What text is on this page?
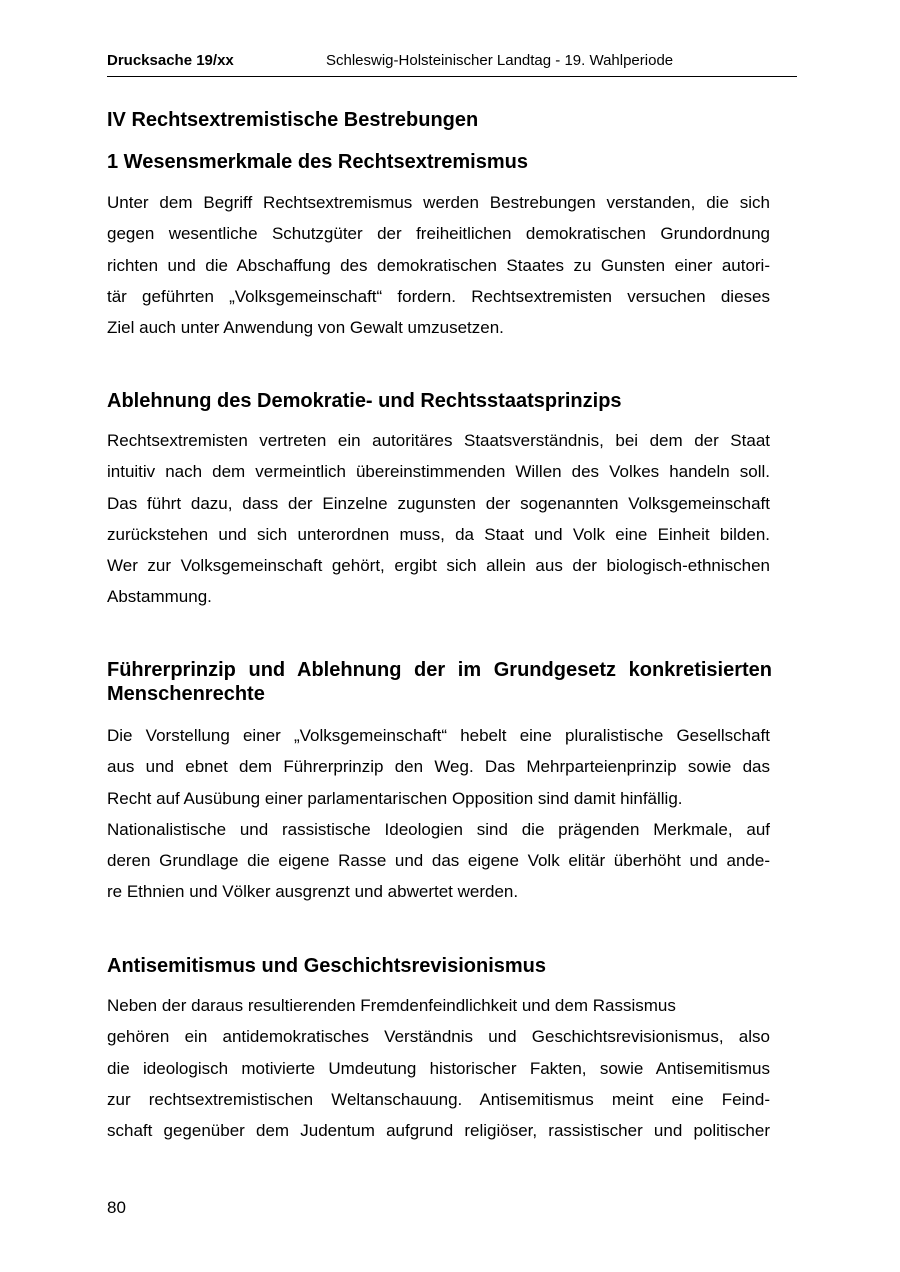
Drucksache 19/xx	Schleswig-Holsteinischer Landtag - 19. Wahlperiode
IV Rechtsextremistische Bestrebungen
1 Wesensmerkmale des Rechtsextremismus
Unter dem Begriff Rechtsextremismus werden Bestrebungen verstanden, die sich
gegen wesentliche Schutzgüter der freiheitlichen demokratischen Grundordnung
richten und die Abschaffung des demokratischen Staates zu Gunsten einer autori-
tär geführten „Volksgemeinschaft“ fordern. Rechtsextremisten versuchen dieses
Ziel auch unter Anwendung von Gewalt umzusetzen.
Ablehnung des Demokratie- und Rechtsstaatsprinzips
Rechtsextremisten vertreten ein autoritäres Staatsverständnis, bei dem der Staat
intuitiv nach dem vermeintlich übereinstimmenden Willen des Volkes handeln soll.
Das führt dazu, dass der Einzelne zugunsten der sogenannten Volksgemeinschaft
zurückstehen und sich unterordnen muss, da Staat und Volk eine Einheit bilden.
Wer zur Volksgemeinschaft gehört, ergibt sich allein aus der biologisch-ethnischen
Abstammung.
Führerprinzip und Ablehnung der im Grundgesetz konkretisierten
Menschenrechte
Die Vorstellung einer „Volksgemeinschaft“ hebelt eine pluralistische Gesellschaft
aus und ebnet dem Führerprinzip den Weg. Das Mehrparteienprinzip sowie das
Recht auf Ausübung einer parlamentarischen Opposition sind damit hinfällig.
Nationalistische und rassistische Ideologien sind die prägenden Merkmale, auf
deren Grundlage die eigene Rasse und das eigene Volk elitär überhöht und ande-
re Ethnien und Völker ausgrenzt und abwertet werden.
Antisemitismus und Geschichtsrevisionismus
Neben der daraus resultierenden Fremdenfeindlichkeit und dem Rassismus
gehören ein antidemokratisches Verständnis und Geschichtsrevisionismus, also
die ideologisch motivierte Umdeutung historischer Fakten, sowie Antisemitismus
zur rechtsextremistischen Weltanschauung. Antisemitismus meint eine Feind-
schaft gegenüber dem Judentum aufgrund religiöser, rassistischer und politischer
80
